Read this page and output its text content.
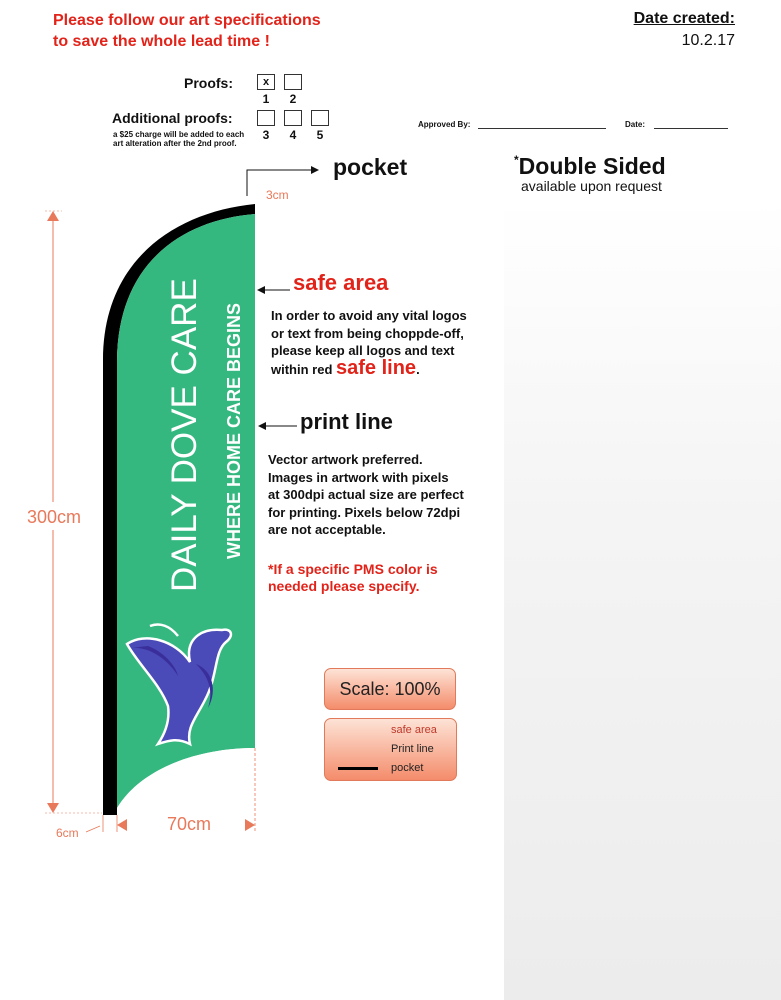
Please follow our art specifications
to save the whole lead time !
Date created:
10.2.17
Proofs:	x
1	2
Additional proofs:
a $25 charge will be added to each art alteration after the 2nd proof.
3	4	5
Approved By:	Date:
pocket	*Double Sided
available upon request
3cm
DAILY DOVE CARE WHERE HOME CARE BEGINS
300cm
70cm
6cm
safe area
In order to avoid any vital logos
or text from being choppde-off,
please keep all logos and text
within red safe line.
print line
Vector artwork preferred.
Images in artwork with pixels
at 300dpi actual size are perfect
for printing. Pixels below 72dpi
are not acceptable.
*If a specific PMS color is
needed please specify.
Scale: 100%
safe area
Print line
pocket
